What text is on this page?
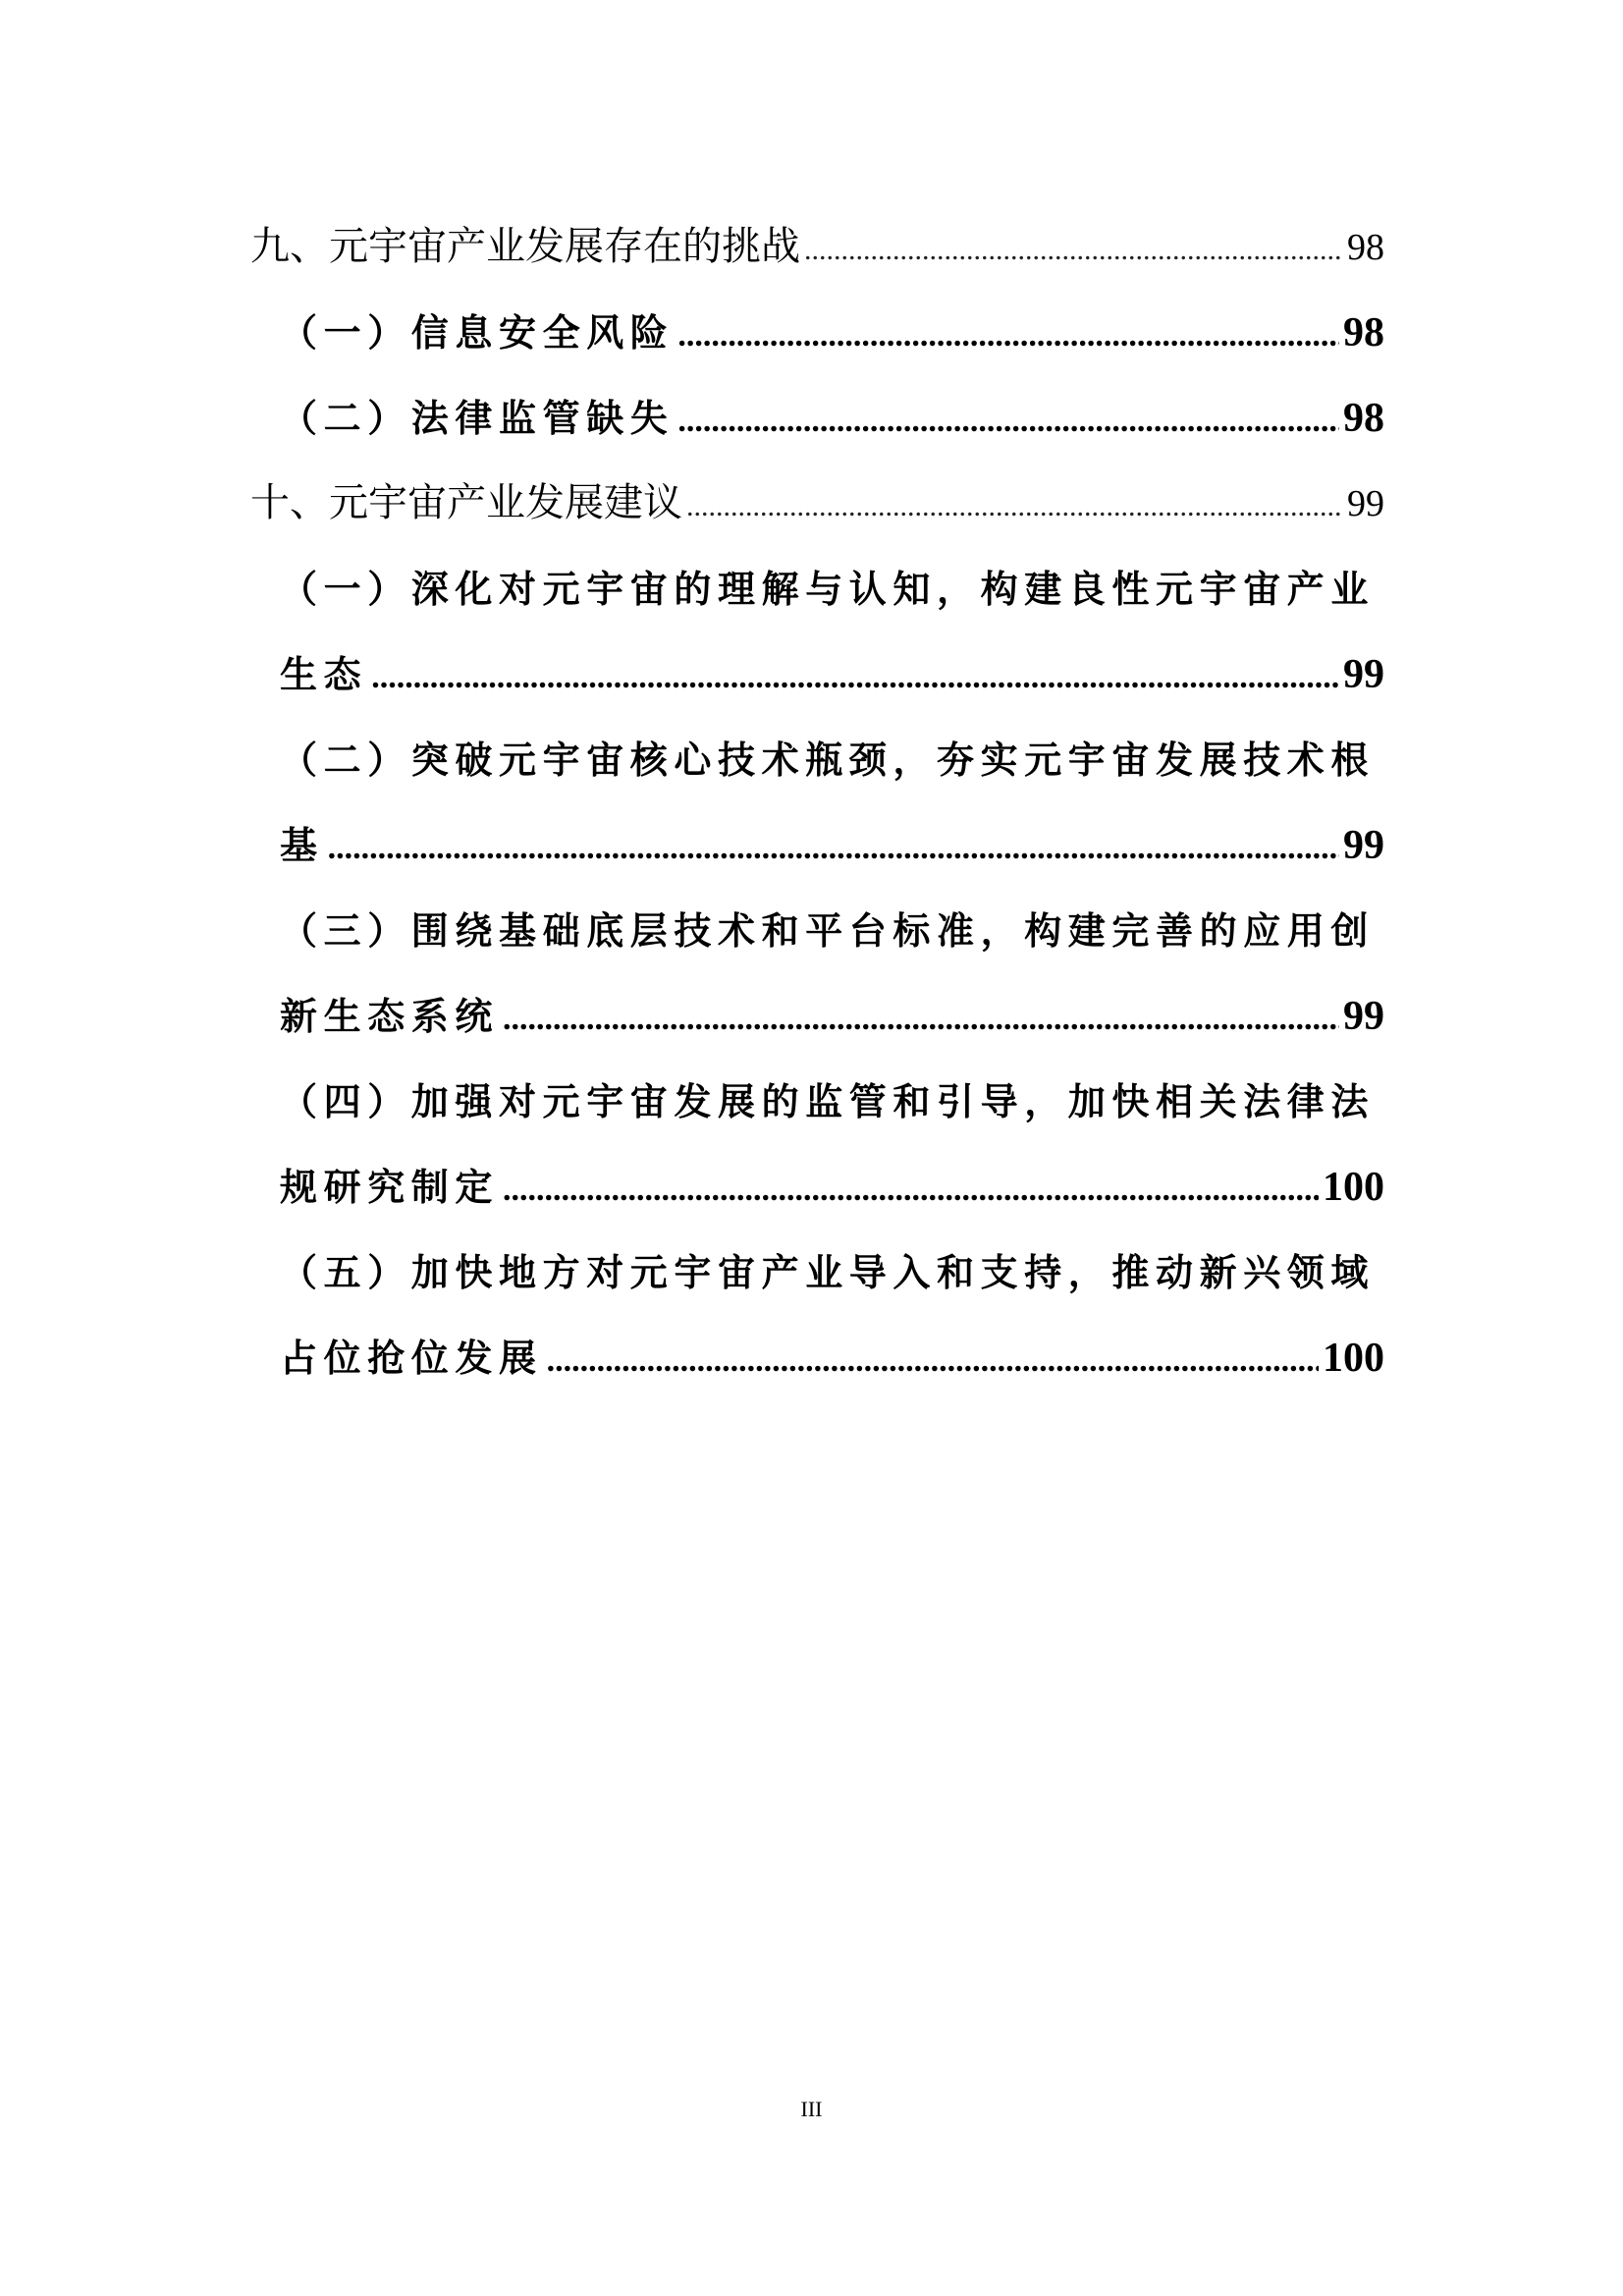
九、元宇宙产业发展存在的挑战 .....	98
（一）信息安全风险 .....	98
（二）法律监管缺失 .....	98
十、元宇宙产业发展建议 .....	99
（一）深化对元宇宙的理解与认知，构建良性元宇宙产业
生态 .....	99
（二）突破元宇宙核心技术瓶颈，夯实元宇宙发展技术根
基 .....	99
（三）围绕基础底层技术和平台标准，构建完善的应用创
新生态系统 .....	99
（四）加强对元宇宙发展的监管和引导，加快相关法律法
规研究制定 .....	100
（五）加快地方对元宇宙产业导入和支持，推动新兴领域
占位抢位发展 .....	100
III
